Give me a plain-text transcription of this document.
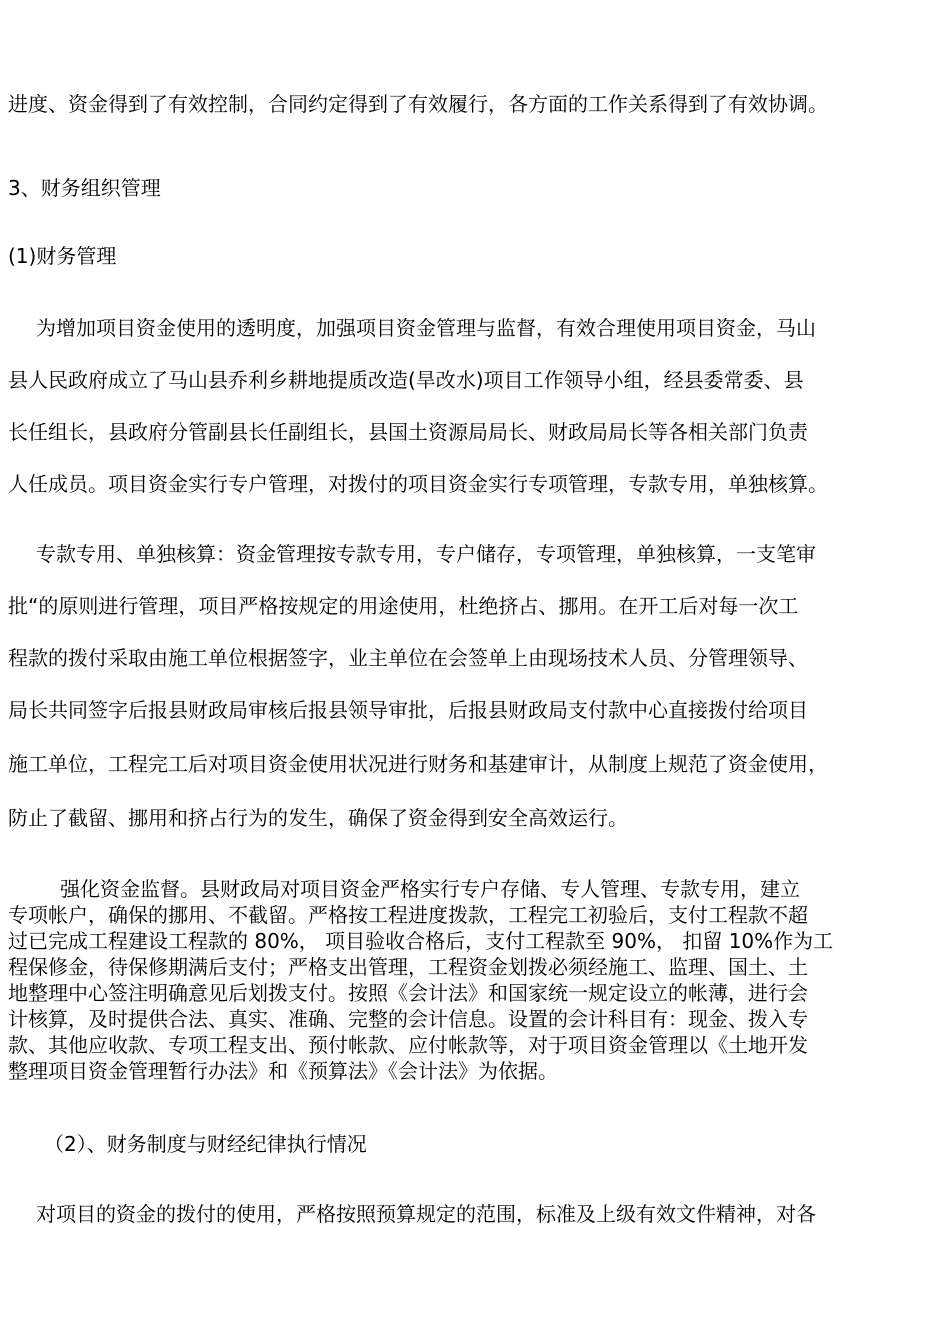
进度、资金得到了有效控制，合同约定得到了有效履行，各方面的工作关系得到了有效协调。
3、财务组织管理
(1)财务管理
为增加项目资金使用的透明度，加强项目资金管理与监督，有效合理使用项目资金，马山
县人民政府成立了马山县乔利乡耕地提质改造(旱改水)项目工作领导小组，经县委常委、县
长任组长，县政府分管副县长任副组长，县国土资源局局长、财政局局长等各相关部门负责
人任成员。项目资金实行专户管理，对拨付的项目资金实行专项管理，专款专用，单独核算。
专款专用、单独核算：资金管理按专款专用，专户储存，专项管理，单独核算，一支笔审
批“的原则进行管理，项目严格按规定的用途使用，杜绝挤占、挪用。在开工后对每一次工
程款的拨付采取由施工单位根据签字，业主单位在会签单上由现场技术人员、分管理领导、
局长共同签字后报县财政局审核后报县领导审批，后报县财政局支付款中心直接拨付给项目
施工单位，工程完工后对项目资金使用状况进行财务和基建审计，从制度上规范了资金使用，
防止了截留、挪用和挤占行为的发生，确保了资金得到安全高效运行。
强化资金监督。县财政局对项目资金严格实行专户存储、专人管理、专款专用，建立
专项帐户，确保的挪用、不截留。严格按工程进度拨款，工程完工初验后，支付工程款不超
过已完成工程建设工程款的 80%， 项目验收合格后，支付工程款至 90%， 扣留 10%作为工
程保修金，待保修期满后支付；严格支出管理，工程资金划拨必须经施工、监理、国土、土
地整理中心签注明确意见后划拨支付。按照《会计法》和国家统一规定设立的帐薄，进行会
计核算，及时提供合法、真实、准确、完整的会计信息。设置的会计科目有：现金、拨入专
款、其他应收款、专项工程支出、预付帐款、应付帐款等，对于项目资金管理以《土地开发
整理项目资金管理暂行办法》和《预算法》《会计法》为依据。
（2）、财务制度与财经纪律执行情况
对项目的资金的拨付的使用，严格按照预算规定的范围，标准及上级有效文件精神，对各
